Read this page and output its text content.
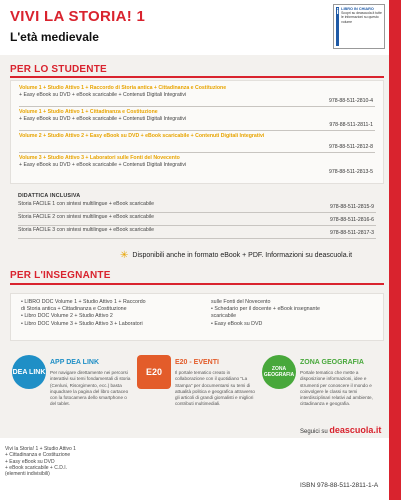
VIVI LA STORIA! 1
L'età medievale
i LIBRO IN CHIARO
Scopri su deascuola.it tutte le informazioni su questo volume
PER LO STUDENTE
Volume 1 + Studio Attivo 1 + Raccordo di Storia antica + Cittadinanza e Costituzione
+ Easy eBook su DVD + eBook scaricabile + Contenuti Digitali Integrativi
978-88-511-2810-4
Volume 1 + Studio Attivo 1 + Cittadinanza e Costituzione
+ Easy eBook su DVD + eBook scaricabile + Contenuti Digitali Integrativi
978-88-511-2811-1
Volume 2 + Studio Attivo 2 + Easy eBook su DVD + eBook scaricabile + Contenuti Digitali Integrativi
978-88-511-2812-8
Volume 3 + Studio Attivo 3 + Laboratori sulle Fonti del Novecento
+ Easy eBook su DVD + eBook scaricabile + Contenuti Digitali Integrativi
978-88-511-2813-5
DIDATTICA INCLUSIVA
Storia FACILE 1 con sintesi multilingue + eBook scaricabile	978-88-511-2815-9
Storia FACILE 2 con sintesi multilingue + eBook scaricabile	978-88-511-2816-6
Storia FACILE 3 con sintesi multilingue + eBook scaricabile	978-88-511-2817-3
✳ Disponibili anche in formato eBook + PDF. Informazioni su deascuola.it
PER L'INSEGNANTE
• LIBRO DOC Volume 1 + Studio Attivo 1 + Raccordo
di Storia antica + Cittadinanza e Costituzione
• Libro DOC Volume 2 + Studio Attivo 2
• Libro DOC Volume 3 + Studio Attivo 3 + Laboratori
sulle Fonti del Novecento
• Schedario per il docente + eBook insegnante
scaricabile
• Easy eBook su DVD
DEA LINK
APP DEA LINK
Per navigare direttamente nei percorsi interattivi sui temi fondamentali di storia (Cenluni, Risorgimento, ecc.) basta inquadrare la pagina del libro cartaceo con la fotocamera dello smartphone o del tablet.
E20
E20 - EVENTI
Il portale tematico creato in collaborazione con il quotidiano "La Stampa" per documentarsi su temi di attualità politica e geografica attraverso gli articoli di grandi giornalisti e migliori contributi multimediali.
ZONA GEOGRAFIA
ZONA GEOGRAFIA
Portale tematico che mette a disposizione informazioni, idee e strumenti per conoscere il mondo e coinvolgere le classi su temi interdisciplinari relativi ad ambiente, cittadinanza e geografia.
Seguici su deascuola.it
Vivi la Storia! 1 + Studio Attivo 1
+ Cittadinanza e Costituzione
+ Easy eBook su DVD
+ eBook scaricabile + C.D.I.
(elementi indivisibili)
ISBN 978-88-511-2811-1-A
